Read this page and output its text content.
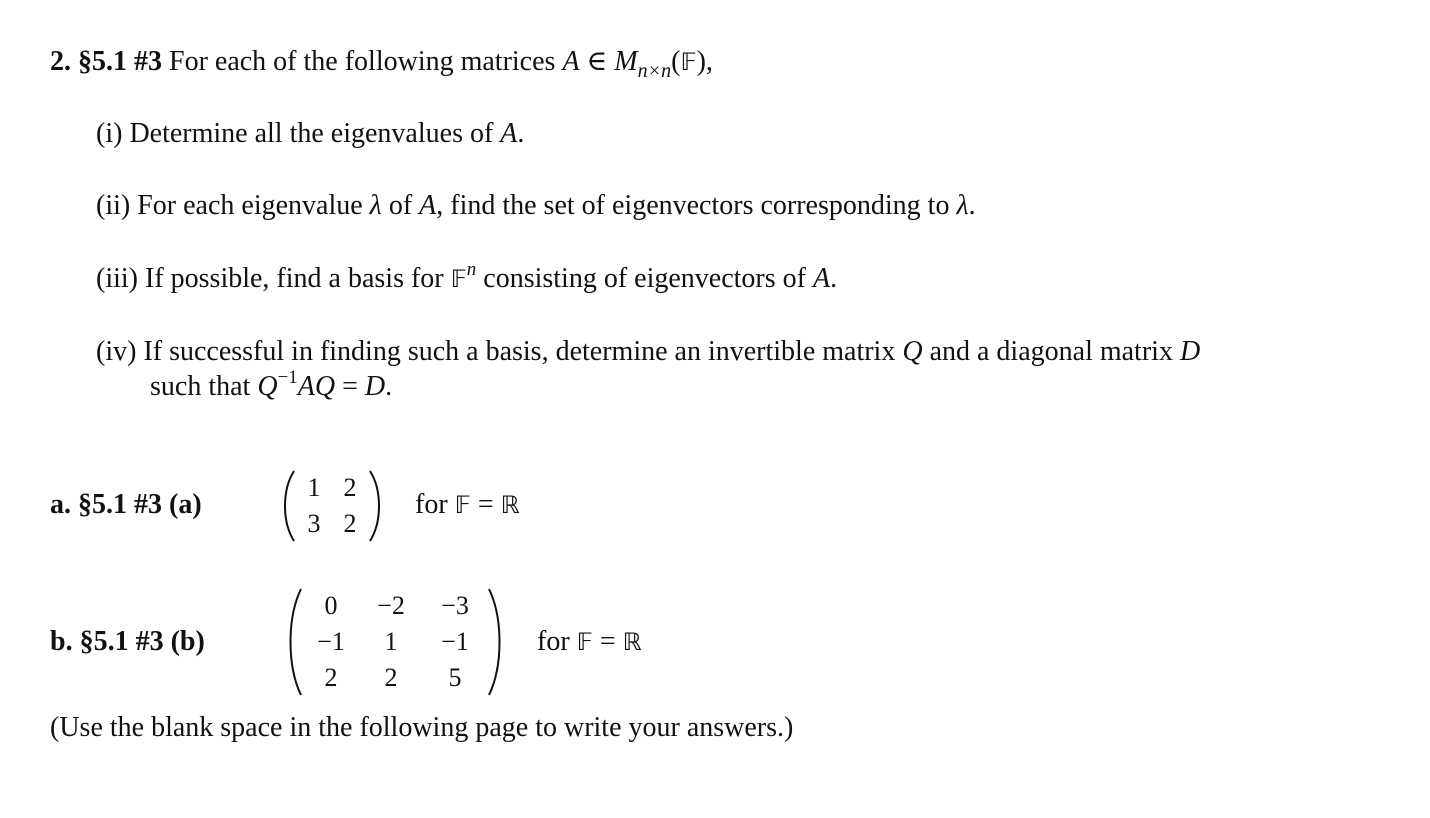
2. §5.1 #3 For each of the following matrices A ∈ $M_{n\times n}(𝔽)$,
(i) Determine all the eigenvalues of A.
(ii) For each eigenvalue λ of A, find the set of eigenvectors corresponding to λ.
(iii) If possible, find a basis for 𝔽$^n$ consisting of eigenvectors of A.
(iv) If successful in finding such a basis, determine an invertible matrix Q and a diagonal matrix D
such that $Q^{-1}AQ = D$.
a. §5.1 #3 (a)
1 2
3 2
for 𝔽 = ℝ
b. §5.1 #3 (b)
0 −2 −3
−1 1 −1
2 2 5
for 𝔽 = ℝ
(Use the blank space in the following page to write your answers.)
